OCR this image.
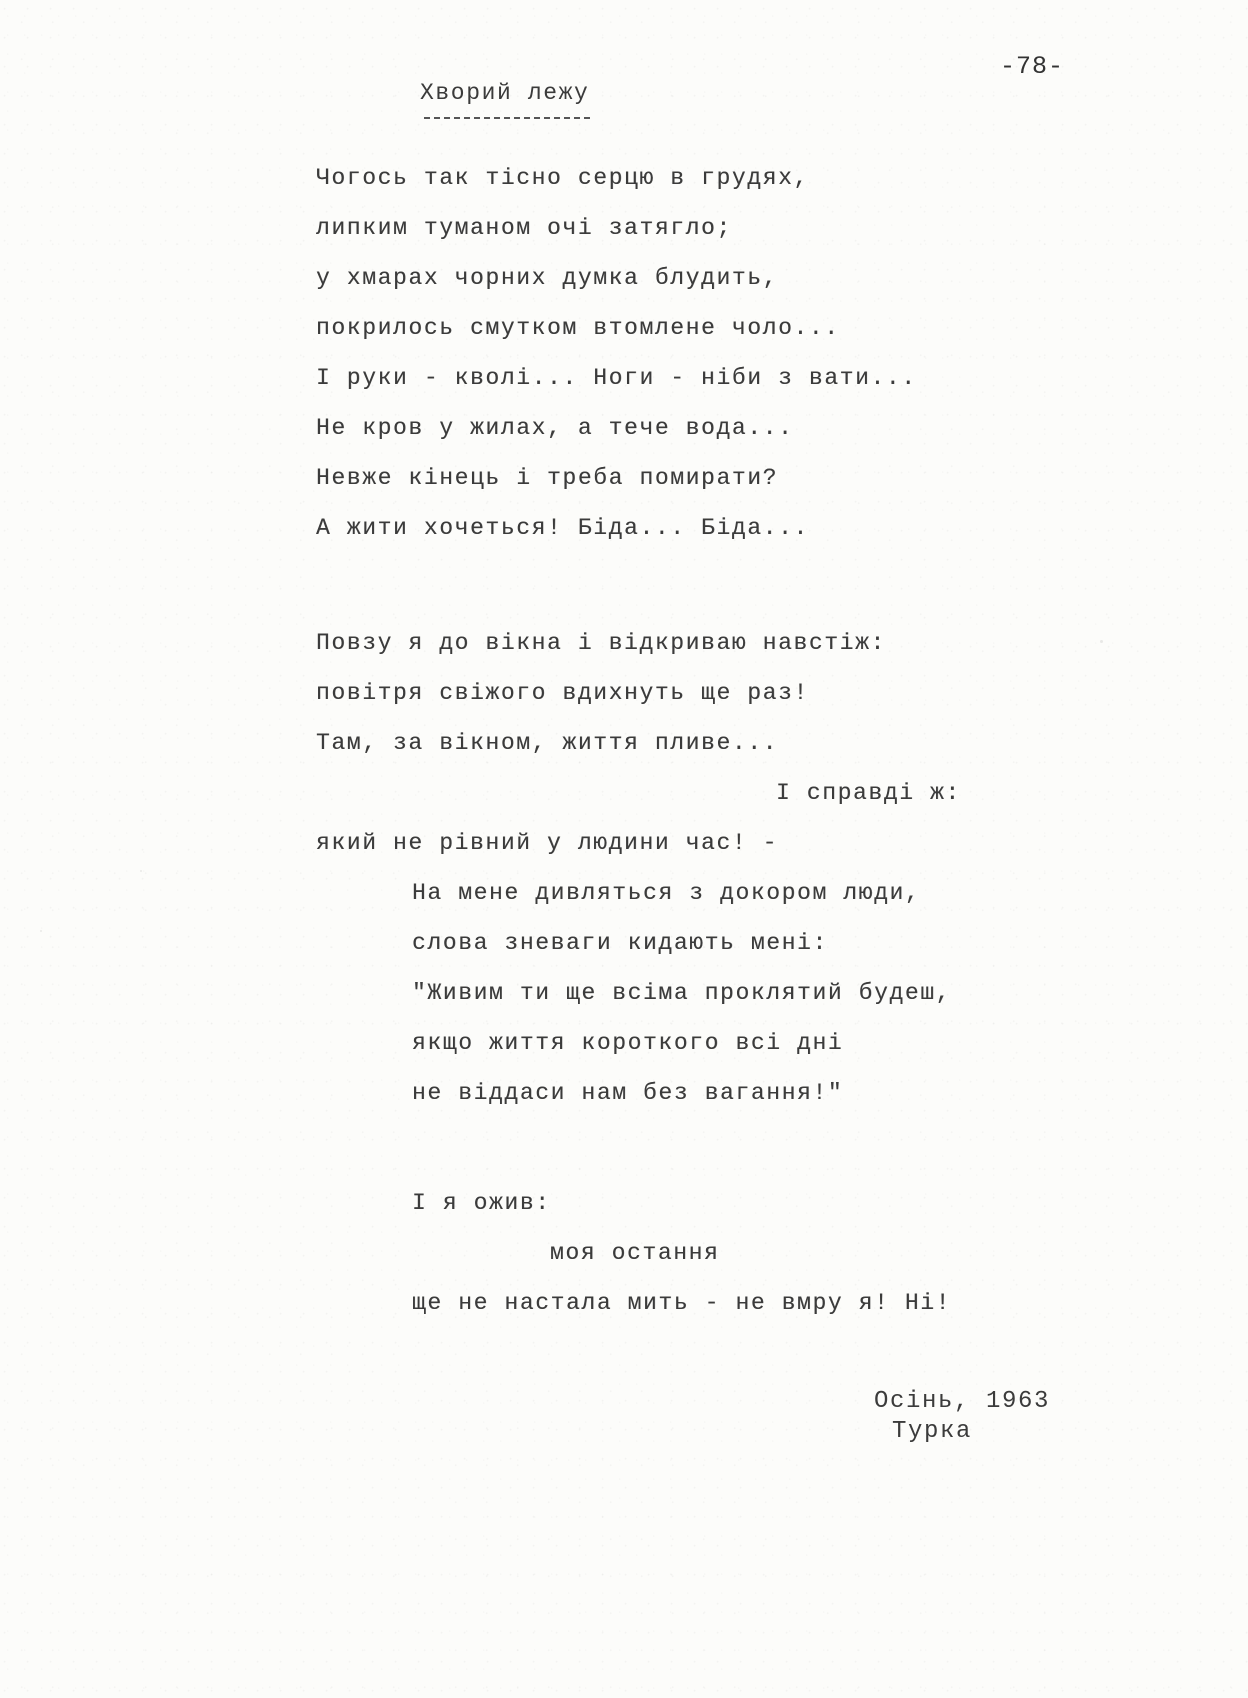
-78-
Хворий лежу
Чогось так тісно серцю в грудях,
липким туманом очі затягло;
у хмарах чорних думка блудить,
покрилось смутком втомлене чоло...
І руки - кволі... Ноги - ніби з вати...
Не кров у жилах, а тече вода...
Невже кінець і треба помирати?
А жити хочеться! Біда... Біда...
Повзу я до вікна і відкриваю навстіж:
повітря свіжого вдихнуть ще раз!
Там, за вікном, життя пливе...
І справді ж:
який не рівний у людини час! -
На мене дивляться з докором люди,
слова зневаги кидають мені:
"Живим ти ще всіма проклятий будеш,
якщо життя короткого всі дні
не віддаси нам без вагання!"
І я ожив:
моя остання
ще не настала мить - не вмру я! Ні!
Осінь, 1963
Турка
